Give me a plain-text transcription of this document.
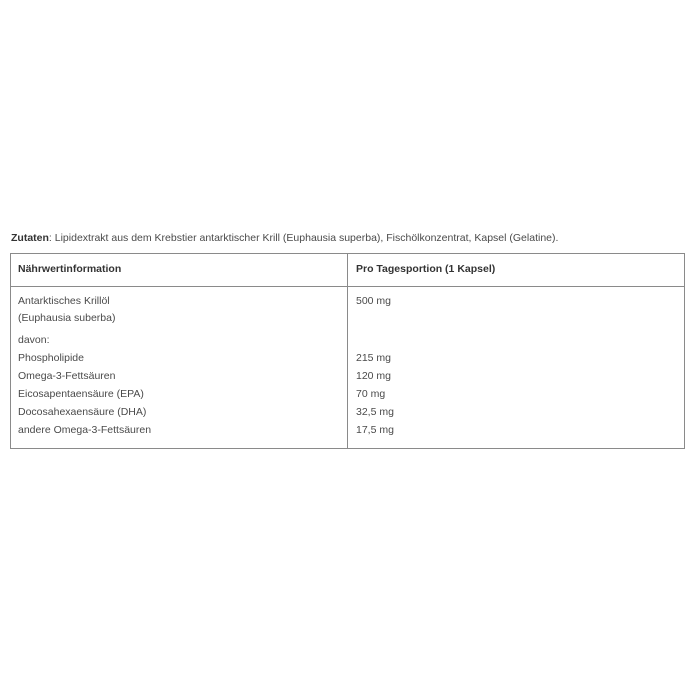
Zutaten: Lipidextrakt aus dem Krebstier antarktischer Krill (Euphausia superba), Fischölkonzentrat, Kapsel (Gelatine).
Nährwertinformation	Pro Tagesportion (1 Kapsel)
Antarktisches Krillöl	500 mg
(Euphausia suberba)
davon:
Phospholipide	215 mg
Omega-3-Fettsäuren	120 mg
Eicosapentaensäure (EPA)	70 mg
Docosahexaensäure (DHA)	32,5 mg
andere Omega-3-Fettsäuren	17,5 mg
